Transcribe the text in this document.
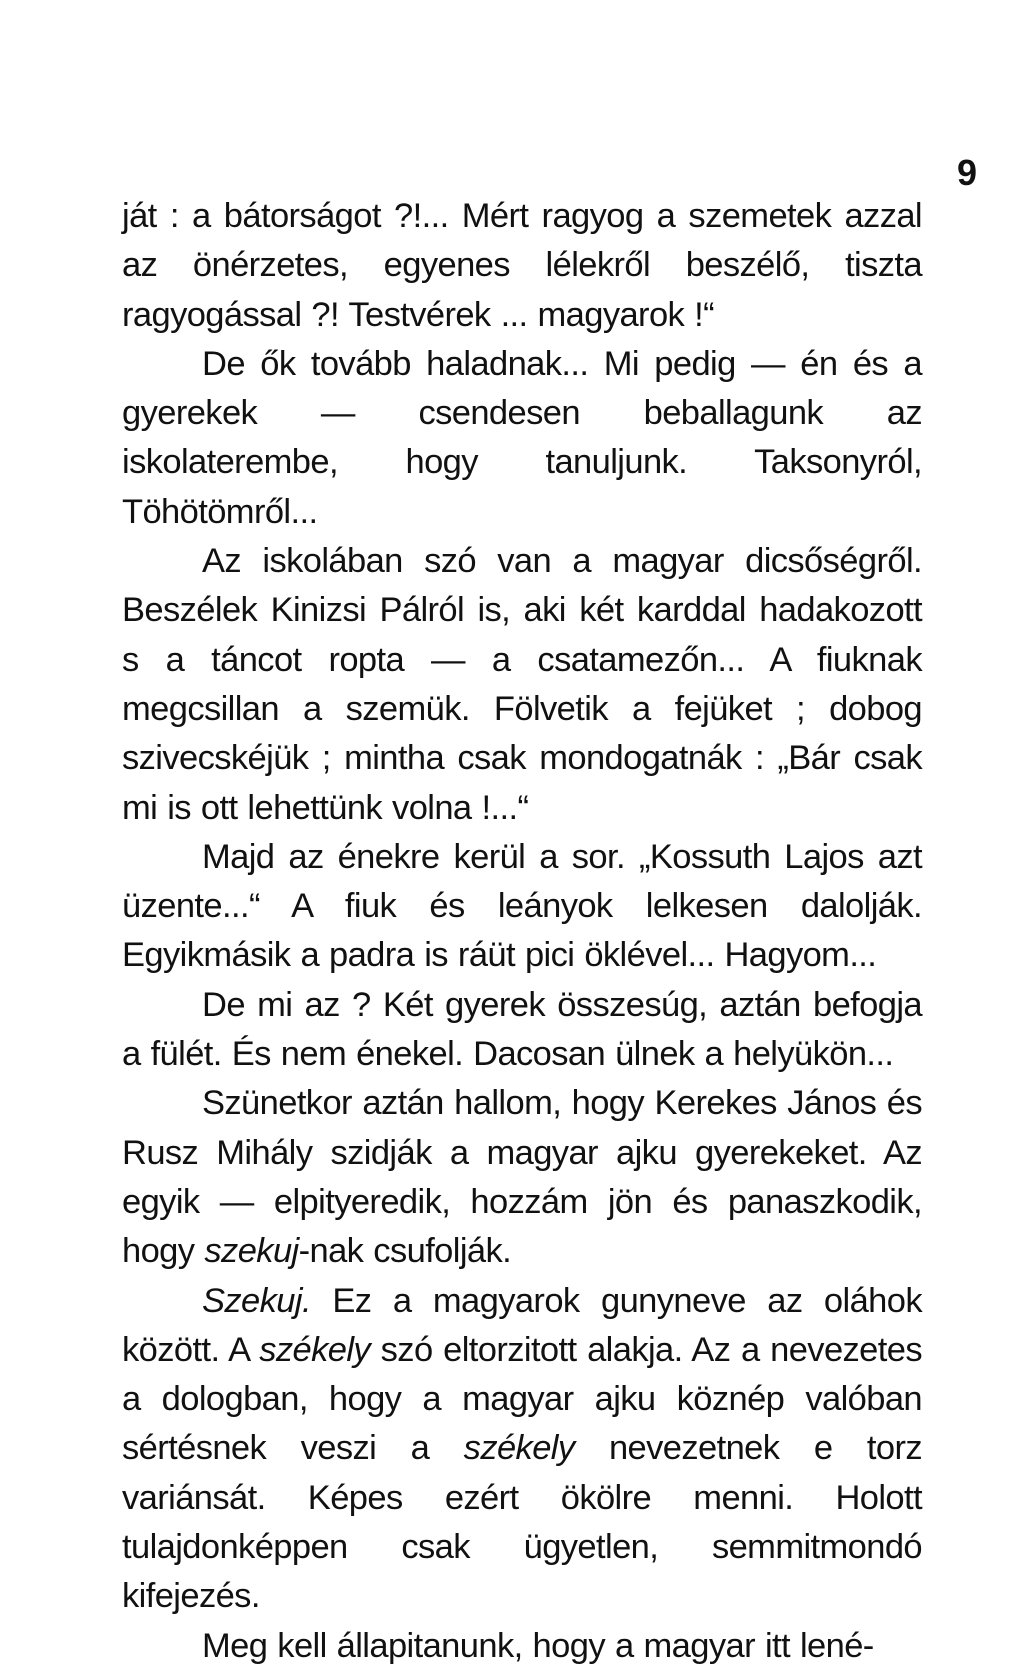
9

ját : a bátorságot ?!... Mért ragyog a szemetek azzal az önérzetes, egyenes lélekről beszélő, tiszta ragyogással ?! Testvérek ... magyarok !“

De ők tovább haladnak... Mi pedig — én és a gyerekek — csendesen beballagunk az iskolaterembe, hogy tanuljunk. Taksonyról, Töhötömről...

Az iskolában szó van a magyar dicsőségről. Beszélek Kinizsi Pálról is, aki két karddal hadakozott s a táncot ropta — a csatamezőn... A fiuknak megcsillan a szemük. Fölvetik a fejüket ; dobog szivecskéjük ; mintha csak mondogatnák : „Bár csak mi is ott lehettünk volna !...“

Majd az énekre kerül a sor. „Kossuth Lajos azt üzente...“ A fiuk és leányok lelkesen dalolják. Egyikmásik a padra is ráüt pici öklével... Hagyom...

De mi az ? Két gyerek összesúg, aztán befogja a fülét. És nem énekel. Dacosan ülnek a helyükön...

Szünetkor aztán hallom, hogy Kerekes János és Rusz Mihály szidják a magyar ajku gyerekeket. Az egyik — elpityeredik, hozzám jön és panaszkodik, hogy szekuj-nak csufolják.

Szekuj. Ez a magyarok gunyneve az oláhok között. A székely szó eltorzitott alakja. Az a nevezetes a dologban, hogy a magyar ajku köznép valóban sértésnek veszi a székely nevezetnek e torz variánsát. Képes ezért ökölre menni. Holott tulajdonképpen csak ügyetlen, semmitmondó kifejezés.

Meg kell állapitanunk, hogy a magyar itt lené-
